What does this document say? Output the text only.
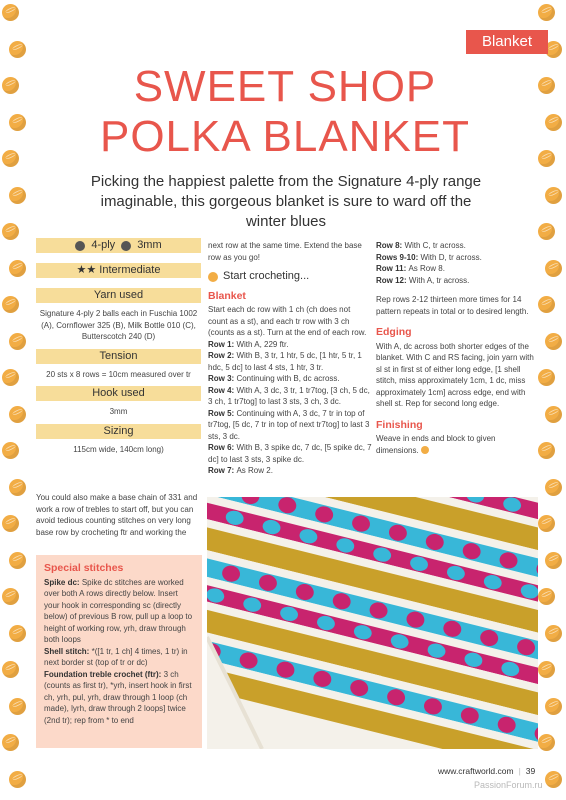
Blanket
SWEET SHOP
POLKA BLANKET

Picking the happiest palette from the Signature 4-ply range imaginable, this gorgeous blanket is sure to ward off the winter blues

4-ply 3mm
★★ Intermediate
Yarn used
Signature 4-ply 2 balls each in Fuschia 1002 (A), Cornflower 325 (B), Milk Bottle 010 (C), Butterscotch 240 (D)
Tension
20 sts x 8 rows = 10cm measured over tr
Hook used
3mm
Sizing
115cm wide, 140cm long)

You could also make a base chain of 331 and work a row of trebles to start off, but you can avoid tedious counting stitches on very long base row by crocheting ftr and working the

Special stitches

Spike dc: Spike dc stitches are worked over both A rows directly below. Insert your hook in corresponding sc (directly below) of previous B row, pull up a loop to height of working row, yrh, draw through both loops

Shell stitch: *([1 tr, 1 ch] 4 times, 1 tr) in next border st (top of tr or dc)

Foundation treble crochet (ftr): 3 ch (counts as first tr), *yrh, insert hook in first ch, yrh, pul, yrh, draw through 1 loop (ch made), lyrh, draw through 2 loops] twice (2nd tr); rep from * to end

next row at the same time. Extend the base row as you go!

Start crocheting...
Blanket

Start each dc row with 1 ch (ch does not count as a st), and each tr row with 3 ch (counts as a st). Turn at the end of each row.

Row 1: With A, 229 ftr.

Row 2: With B, 3 tr, 1 htr, 5 dc, [1 htr, 5 tr, 1 hdc, 5 dc] to last 4 sts, 1 htr, 3 tr.

Row 3: Continuing with B, dc across.

Row 4: With A, 3 dc, 3 tr, 1 tr7tog, [3 ch, 5 dc, 3 ch, 1 tr7tog] to last 3 sts, 3 ch, 3 dc.

Row 5: Continuing with A, 3 dc, 7 tr in top of tr7tog, [5 dc, 7 tr in top of next tr7tog] to last 3 sts, 3 dc.

Row 6: With B, 3 spike dc, 7 dc, [5 spike dc, 7 dc] to last 3 sts, 3 spike dc.

Row 7: As Row 2.

Row 8: With C, tr across.

Rows 9-10: With D, tr across.

Row 11: As Row 8.

Row 12: With A, tr across.

Rep rows 2-12 thirteen more times for 14 pattern repeats in total or to desired length.

Edging

With A, dc across both shorter edges of the blanket. With C and RS facing, join yarn with sl st in first st of either long edge, [1 shell stitch, miss approximately 1cm, 1 dc, miss approximately 1cm] across edge, end with shell st. Rep for second long edge.

Finishing

Weave in ends and block to given dimensions.

www.craftworld.com | 39
PassionForum.ru
